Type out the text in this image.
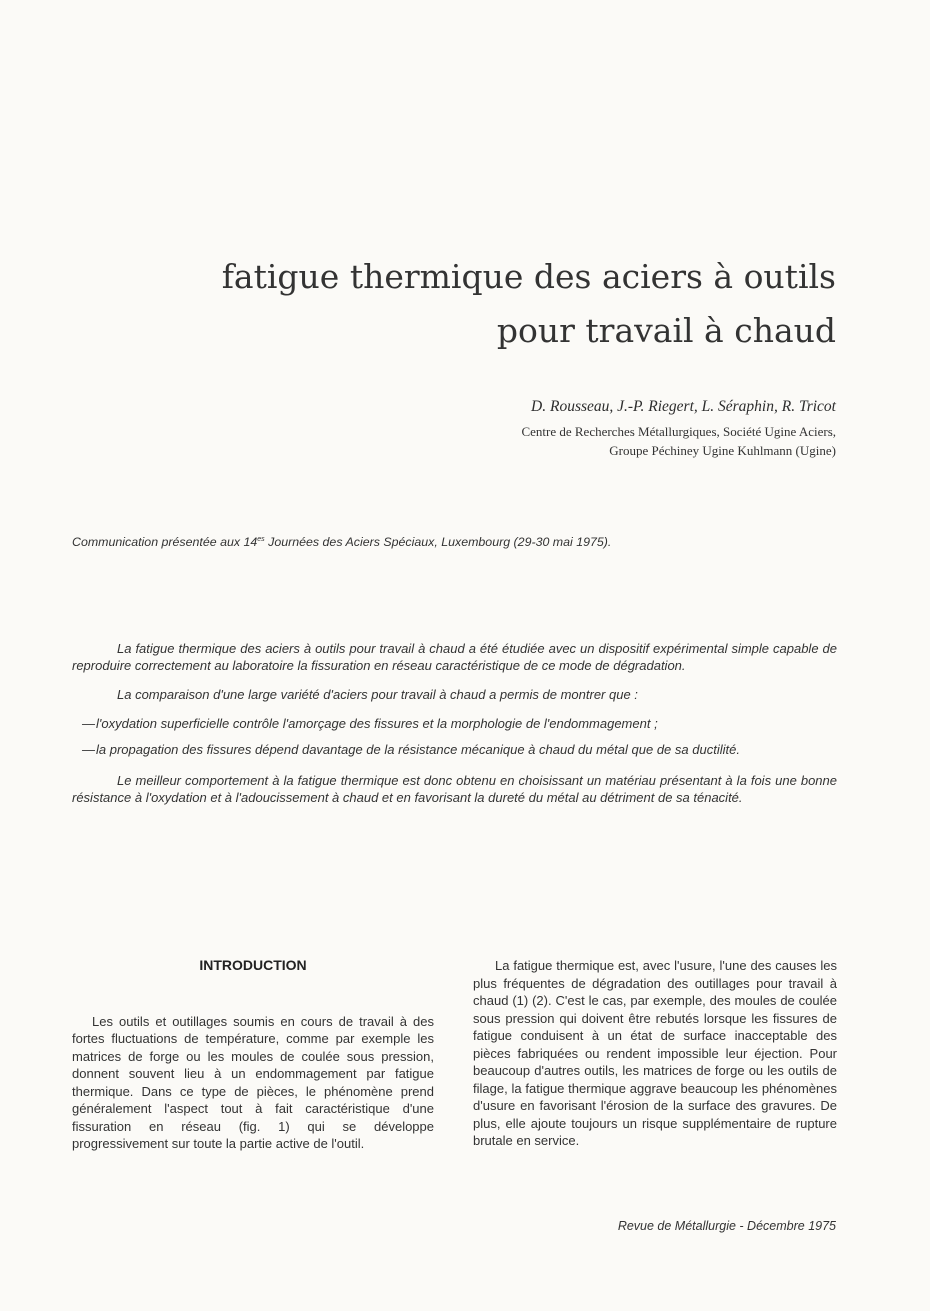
fatigue thermique des aciers à outils
pour travail à chaud
D. Rousseau, J.-P. Riegert, L. Séraphin, R. Tricot
Centre de Recherches Métallurgiques, Société Ugine Aciers,
Groupe Péchiney Ugine Kuhlmann (Ugine)
Communication présentée aux $14^{es}$ Journées des Aciers Spéciaux, Luxembourg (29-30 mai 1975).

La fatigue thermique des aciers à outils pour travail à chaud a été étudiée avec un dispositif expérimental simple capable de reproduire correctement au laboratoire la fissuration en réseau caractéristique de ce mode de dégradation.

La comparaison d'une large variété d'aciers pour travail à chaud a permis de montrer que :

— l'oxydation superficielle contrôle l'amorçage des fissures et la morphologie de l'endommagement ;
— la propagation des fissures dépend davantage de la résistance mécanique à chaud du métal que de sa ductilité.

Le meilleur comportement à la fatigue thermique est donc obtenu en choisissant un matériau présentant à la fois une bonne résistance à l'oxydation et à l'adoucissement à chaud et en favorisant la dureté du métal au détriment de sa ténacité.

INTRODUCTION

Les outils et outillages soumis en cours de travail à des fortes fluctuations de température, comme par exemple les matrices de forge ou les moules de coulée sous pression, donnent souvent lieu à un endommagement par fatigue thermique. Dans ce type de pièces, le phénomène prend généralement l'aspect tout à fait caractéristique d'une fissuration en réseau (fig. 1) qui se développe progressivement sur toute la partie active de l'outil.

La fatigue thermique est, avec l'usure, l'une des causes les plus fréquentes de dégradation des outillages pour travail à chaud (1) (2). C'est le cas, par exemple, des moules de coulée sous pression qui doivent être rebutés lorsque les fissures de fatigue conduisent à un état de surface inacceptable des pièces fabriquées ou rendent impossible leur éjection. Pour beaucoup d'autres outils, les matrices de forge ou les outils de filage, la fatigue thermique aggrave beaucoup les phénomènes d'usure en favorisant l'érosion de la surface des gravures. De plus, elle ajoute toujours un risque supplémentaire de rupture brutale en service.

Revue de Métallurgie - Décembre 1975
